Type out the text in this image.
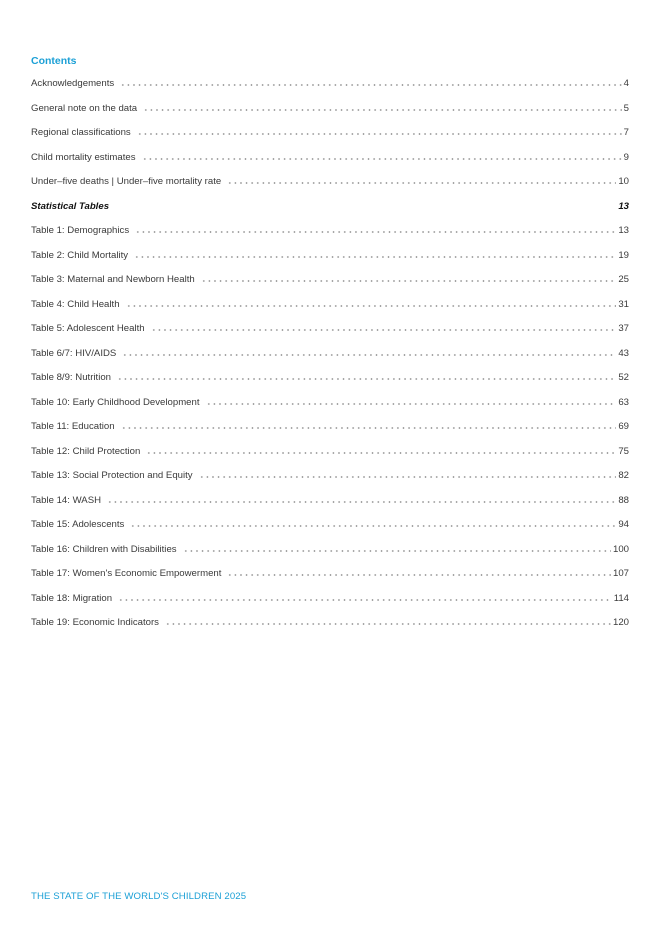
Contents
Acknowledgements	4
General note on the data	5
Regional classifications	7
Child mortality estimates	9
Under–five deaths | Under–five mortality rate	10
Statistical Tables	13
Table 1: Demographics	13
Table 2: Child Mortality	19
Table 3: Maternal and Newborn Health	25
Table 4: Child Health	31
Table 5: Adolescent Health	37
Table 6/7: HIV/AIDS	43
Table 8/9: Nutrition	52
Table 10: Early Childhood Development	63
Table 11: Education	69
Table 12: Child Protection	75
Table 13: Social Protection and Equity	82
Table 14: WASH	88
Table 15: Adolescents	94
Table 16: Children with Disabilities	100
Table 17: Women's Economic Empowerment	107
Table 18: Migration	114
Table 19: Economic Indicators	120
THE STATE OF THE WORLD'S CHILDREN 2025
